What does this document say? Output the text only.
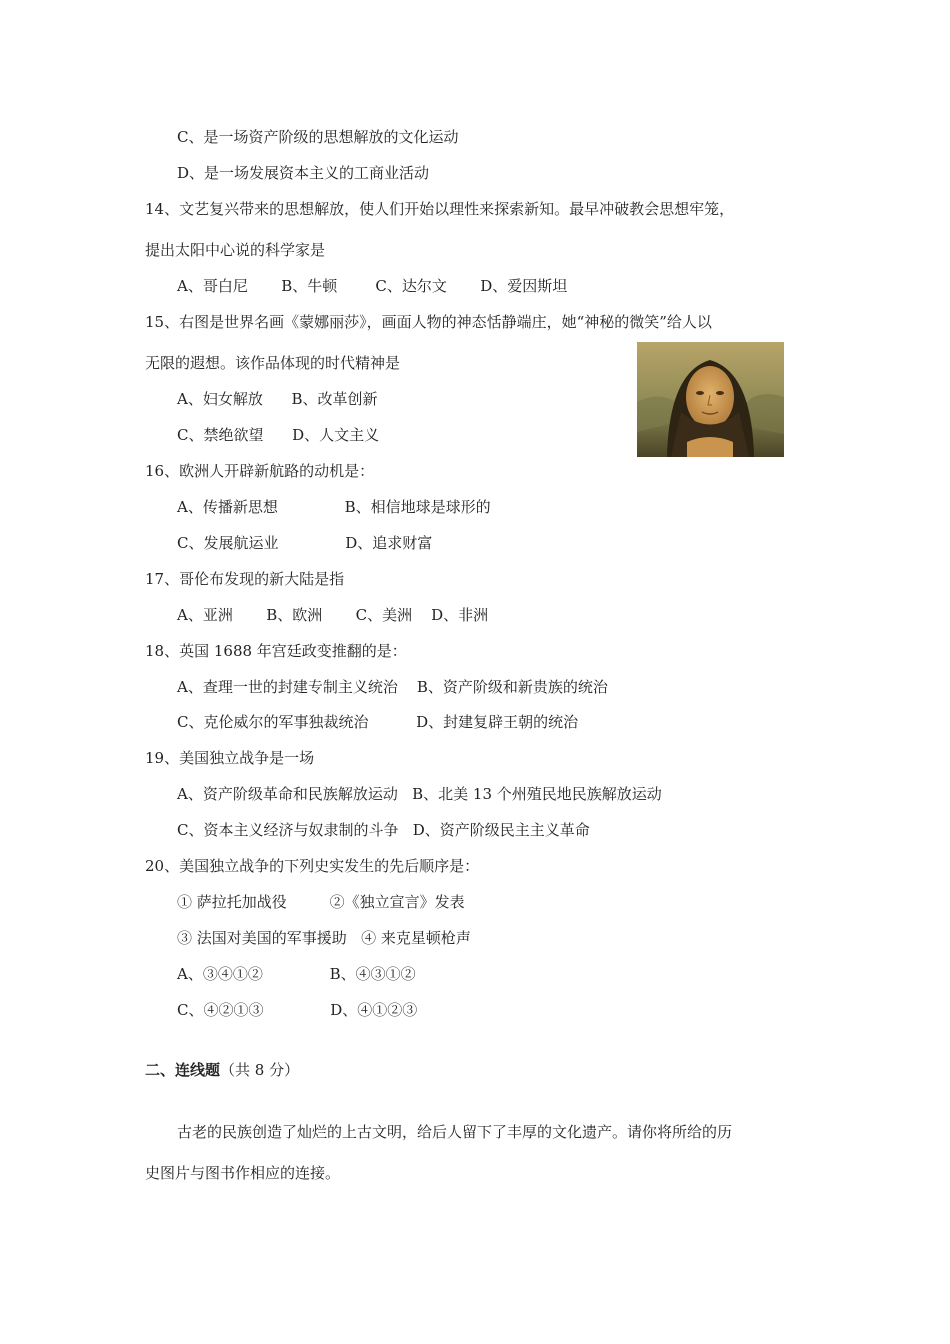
C、是一场资产阶级的思想解放的文化运动

D、是一场发展资本主义的工商业活动

14、文艺复兴带来的思想解放，使人们开始以理性来探索新知。最早冲破教会思想牢笼，

提出太阳中心说的科学家是

A、哥白尼       B、牛顿        C、达尔文       D、爱因斯坦

15、右图是世界名画《蒙娜丽莎》，画面人物的神态恬静端庄，她“神秘的微笑”给人以

无限的遐想。该作品体现的时代精神是

A、妇女解放      B、改革创新

C、禁绝欲望      D、人文主义

16、欧洲人开辟新航路的动机是：

A、传播新思想              B、相信地球是球形的

C、发展航运业              D、追求财富

17、哥伦布发现的新大陆是指

A、亚洲       B、欧洲       C、美洲    D、非洲

18、英国 1688 年宫廷政变推翻的是：

A、查理一世的封建专制主义统治    B、资产阶级和新贵族的统治

C、克伦威尔的军事独裁统治          D、封建复辟王朝的统治

19、美国独立战争是一场

A、资产阶级革命和民族解放运动   B、北美 13 个州殖民地民族解放运动

C、资本主义经济与奴隶制的斗争   D、资产阶级民主主义革命

20、美国独立战争的下列史实发生的先后顺序是：

① 萨拉托加战役         ②《独立宣言》发表

③ 法国对美国的军事援助   ④ 来克星顿枪声

A、③④①②              B、④③①②

C、④②①③              D、④①②③

二、连线题（共 8 分）

古老的民族创造了灿烂的上古文明，给后人留下了丰厚的文化遗产。请你将所给的历

史图片与图书作相应的连接。
